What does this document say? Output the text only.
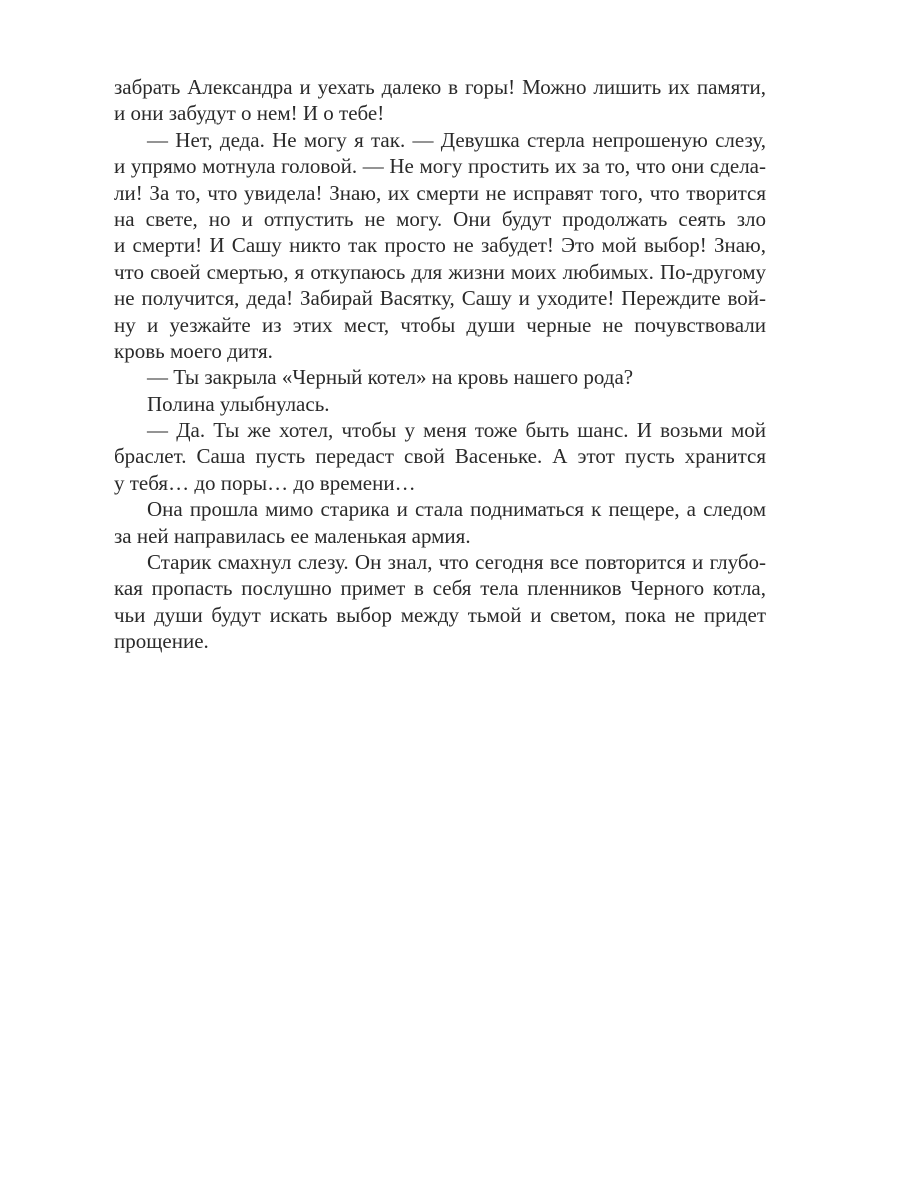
забрать Александра и уехать далеко в горы! Можно лишить их памяти,
и они забудут о нем! И о тебе!
— Нет, деда. Не могу я так. — Девушка стерла непрошеную слезу,
и упрямо мотнула головой. — Не могу простить их за то, что они сдела-
ли! За то, что увидела! Знаю, их смерти не исправят того, что творится
на свете, но и отпустить не могу. Они будут продолжать сеять зло
и смерти! И Сашу никто так просто не забудет! Это мой выбор! Знаю,
что своей смертью, я откупаюсь для жизни моих любимых. По-другому
не получится, деда! Забирай Васятку, Сашу и уходите! Переждите вой-
ну и уезжайте из этих мест, чтобы души черные не почувствовали
кровь моего дитя.
— Ты закрыла «Черный котел» на кровь нашего рода?
Полина улыбнулась.
— Да. Ты же хотел, чтобы у меня тоже быть шанс. И возьми мой
браслет. Саша пусть передаст свой Васеньке. А этот пусть хранится
у тебя… до поры… до времени…
Она прошла мимо старика и стала подниматься к пещере, а следом
за ней направилась ее маленькая армия.
Старик смахнул слезу. Он знал, что сегодня все повторится и глубо-
кая пропасть послушно примет в себя тела пленников Черного котла,
чьи души будут искать выбор между тьмой и светом, пока не придет
прощение.
